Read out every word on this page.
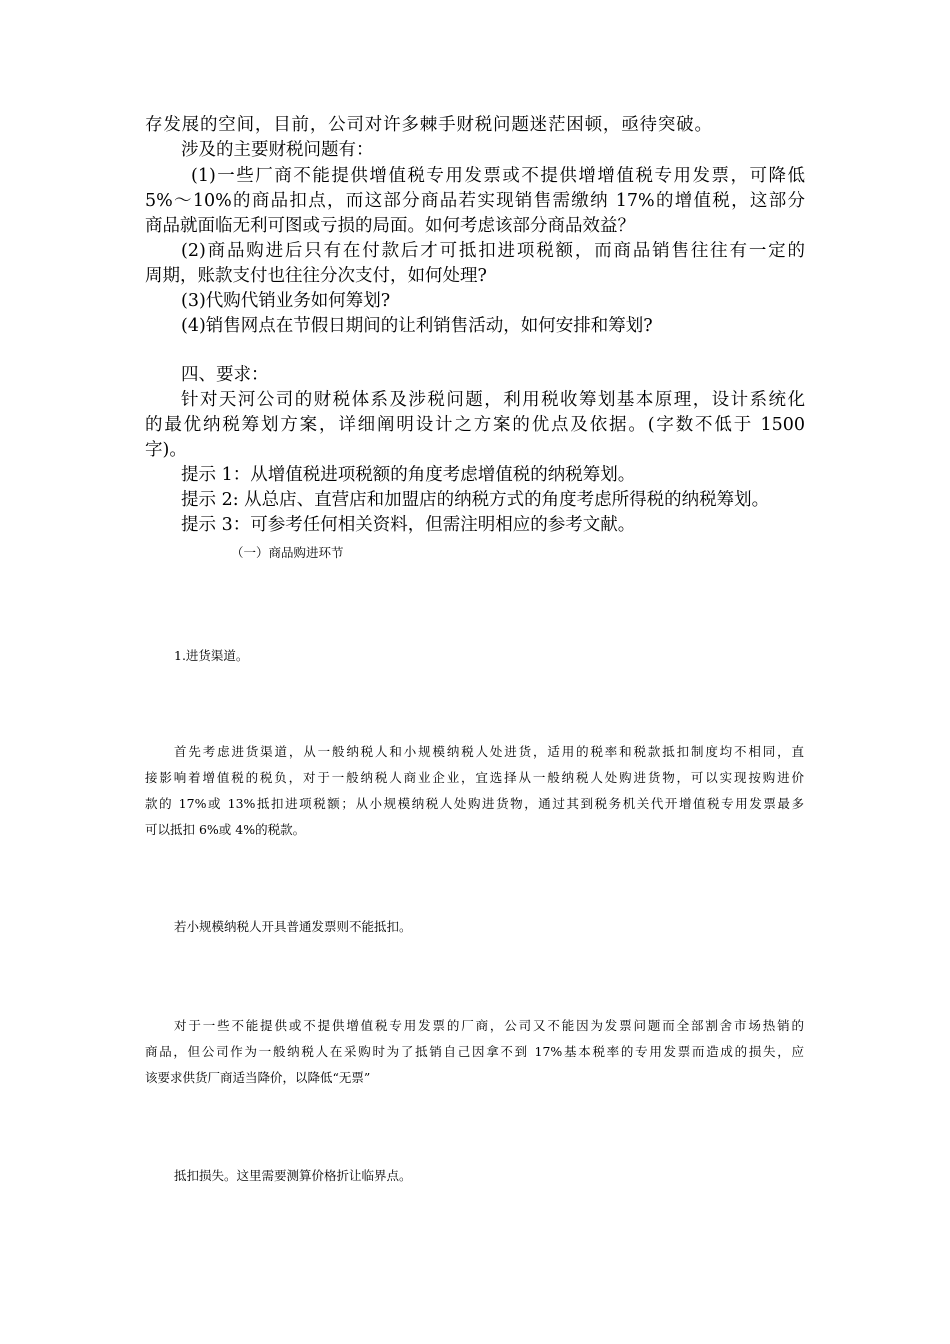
存发展的空间，目前，公司对许多棘手财税问题迷茫困顿，亟待突破。
涉及的主要财税问题有：
(1)一些厂商不能提供增值税专用发票或不提供增增值税专用发票，可降低
5%～10%的商品扣点，而这部分商品若实现销售需缴纳 17%的增值税，这部分
商品就面临无利可图或亏损的局面。如何考虑该部分商品效益？
(2)商品购进后只有在付款后才可抵扣进项税额，而商品销售往往有一定的
周期，账款支付也往往分次支付，如何处理?
(3)代购代销业务如何筹划?
(4)销售网点在节假日期间的让利销售活动，如何安排和筹划?
四、要求：
针对天河公司的财税体系及涉税问题，利用税收筹划基本原理，设计系统化
的最优纳税筹划方案，详细阐明设计之方案的优点及依据。(字数不低于 1500
字)。
提示 1：从增值税进项税额的角度考虑增值税的纳税筹划。
提示 2: 从总店、直营店和加盟店的纳税方式的角度考虑所得税的纳税筹划。
提示 3：可参考任何相关资料，但需注明相应的参考文献。
（一）商品购进环节
1.进货渠道。
首先考虑进货渠道，从一般纳税人和小规模纳税人处进货，适用的税率和税款抵扣制度均不相同，直
接影响着增值税的税负，对于一般纳税人商业企业，宜选择从一般纳税人处购进货物，可以实现按购进价
款的 17%或 13%抵扣进项税额；从小规模纳税人处购进货物，通过其到税务机关代开增值税专用发票最多
可以抵扣 6%或 4%的税款。
若小规模纳税人开具普通发票则不能抵扣。
对于一些不能提供或不提供增值税专用发票的厂商，公司又不能因为发票问题而全部割舍市场热销的
商品，但公司作为一般纳税人在采购时为了抵销自己因拿不到 17%基本税率的专用发票而造成的损失，应
该要求供货厂商适当降价，以降低“无票”
抵扣损失。这里需要测算价格折让临界点。
